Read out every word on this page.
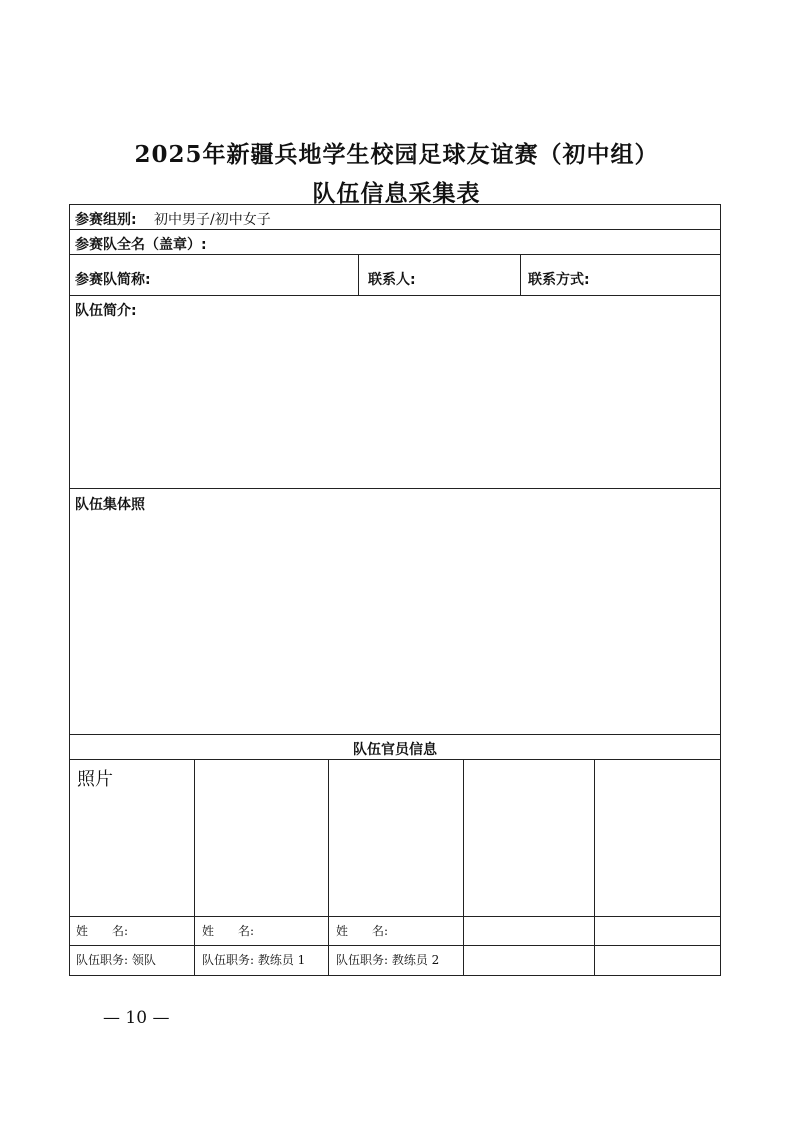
2025年新疆兵地学生校园足球友谊赛（初中组）
队伍信息采集表
参赛组别: 初中男子/初中女子
参赛队全名（盖章）:
参赛队简称:	联系人:	联系方式:
队伍简介:
队伍集体照
队伍官员信息
照片
姓　　名:	姓　　名:	姓　　名:
队伍职务: 领队	队伍职务: 教练员 1	队伍职务: 教练员 2
— 10 —
